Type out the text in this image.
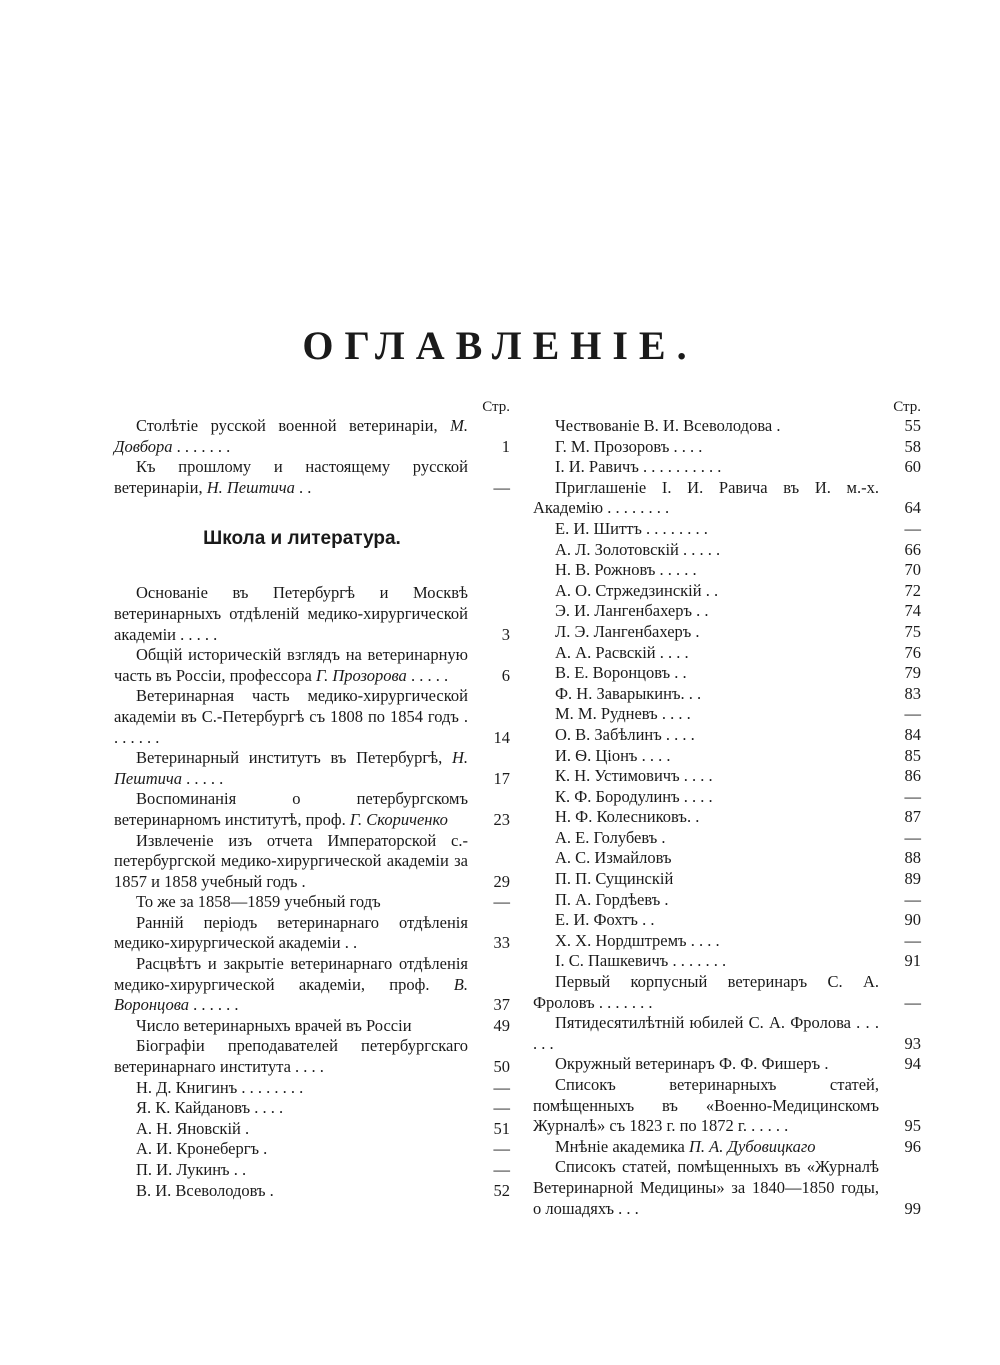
ОГЛАВЛЕНІЕ.
Стр.
Столѣтіе русской военной ветеринаріи, М. Довбора . . . . . . .	1
Къ прошлому и настоящему русской ветеринаріи, Н. Пештича . .	—
Школа и литература.
Основаніе въ Петербургѣ и Москвѣ ветеринарныхъ отдѣленій медико-хирургической академіи . . . . .	3
Общій историческій взглядъ на ветеринарную часть въ Россіи, профессора Г. Прозорова . . . . .	6
Ветеринарная часть медико-хирургической академіи въ С.-Петербургѣ съ 1808 по 1854 годъ . . . . . . .	14
Ветеринарный институтъ въ Петербургѣ, Н. Пештича . . . . .	17
Воспоминанія о петербургскомъ ветеринарномъ институтѣ, проф. Г. Скориченко	23
Извлеченіе изъ отчета Императорской с.-петербургской медико-хирургической академіи за 1857 и 1858 учебный годъ .	29
То же за 1858—1859 учебный годъ	—
Ранній періодъ ветеринарнаго отдѣленія медико-хирургической академіи . .	33
Расцвѣтъ и закрытіе ветеринарнаго отдѣленія медико-хирургической академіи, проф. В. Воронцова . . . . . .	37
Число ветеринарныхъ врачей въ Россіи	49
Біографіи преподавателей петербургскаго ветеринарнаго института . . . .	50
Н. Д. Книгинъ . . . . . . . .	—
Я. К. Кайдановъ . . . .	—
А. Н. Яновскій .	51
А. И. Кронебергъ .	—
П. И. Лукинъ . .	—
В. И. Всеволодовъ .	52
Стр.
Чествованіе В. И. Всеволодова .	55
Г. М. Прозоровъ . . . .	58
І. И. Равичъ . . . . . . . . . .	60
Приглашеніе І. И. Равича въ И. м.-х. Академію . . . . . . . .	64
Е. И. Шиттъ . . . . . . . .	—
А. Л. Золотовскій . . . . .	66
Н. В. Рожновъ . . . . .	70
А. О. Стржедзинскій . .	72
Э. И. Лангенбахеръ . .	74
Л. Э. Лангенбахеръ .	75
А. А. Расвскій . . . .	76
В. Е. Воронцовъ . .	79
Ф. Н. Заварыкинъ. . .	83
М. М. Рудневъ . . . .	—
О. В. Забѣлинъ . . . .	84
И. Ѳ. Ціонъ . . . .	85
К. Н. Устимовичъ . . . .	86
К. Ф. Бородулинъ . . . .	—
Н. Ф. Колесниковъ. .	87
А. Е. Голубевъ .	—
А. С. Измайловъ	88
П. П. Сущинскій	89
П. А. Гордѣевъ .	—
Е. И. Фохтъ . .	90
Х. Х. Нордштремъ . . . .	—
І. С. Пашкевичъ . . . . . . .	91
Первый корпусный ветеринаръ С. А. Фроловъ . . . . . . .	—
Пятидесятилѣтній юбилей С. А. Фролова . . . . . .	93
Окружный ветеринаръ Ф. Ф. Фишеръ .	94
Списокъ ветеринарныхъ статей, помѣщенныхъ въ «Военно-Медицинскомъ Журналѣ» съ 1823 г. по 1872 г. . . . . .	95
Мнѣніе академика П. А. Дубовицкаго	96
Списокъ статей, помѣщенныхъ въ «Журналѣ Ветеринарной Медицины» за 1840—1850 годы, о лошадяхъ . . .	99
